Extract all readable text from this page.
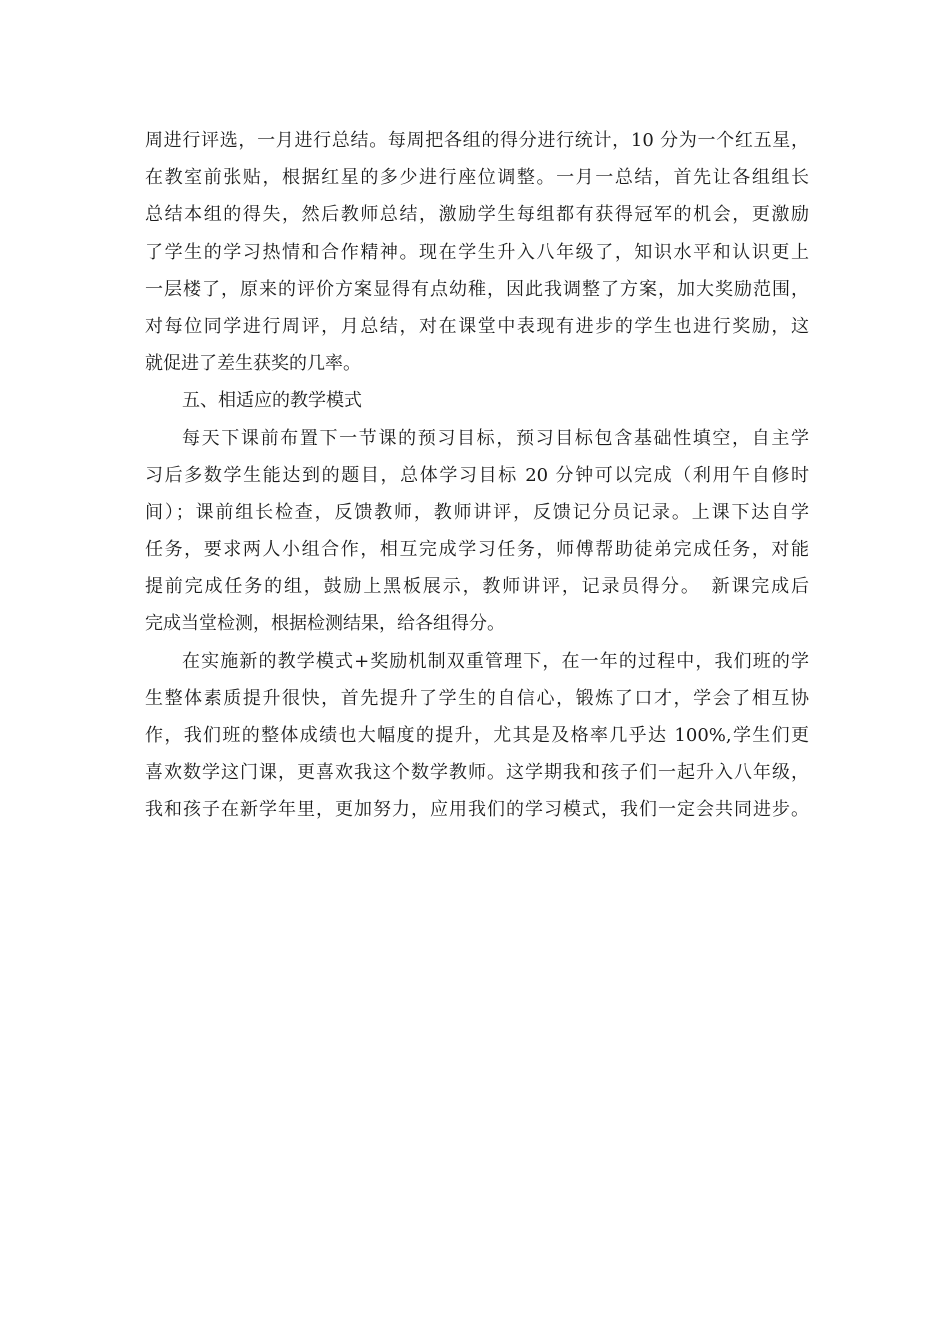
周进行评选，一月进行总结。每周把各组的得分进行统计，10 分为一个红五星，
在教室前张贴，根据红星的多少进行座位调整。一月一总结，首先让各组组长
总结本组的得失，然后教师总结，激励学生每组都有获得冠军的机会，更激励
了学生的学习热情和合作精神。现在学生升入八年级了，知识水平和认识更上
一层楼了，原来的评价方案显得有点幼稚，因此我调整了方案，加大奖励范围，
对每位同学进行周评，月总结，对在课堂中表现有进步的学生也进行奖励，这
就促进了差生获奖的几率。
五、相适应的教学模式
每天下课前布置下一节课的预习目标，预习目标包含基础性填空，自主学
习后多数学生能达到的题目，总体学习目标 20 分钟可以完成（利用午自修时
间）；课前组长检查，反馈教师，教师讲评，反馈记分员记录。上课下达自学
任务，要求两人小组合作，相互完成学习任务，师傅帮助徒弟完成任务，对能
提前完成任务的组，鼓励上黑板展示，教师讲评，记录员得分。　新课完成后
完成当堂检测，根据检测结果，给各组得分。
在实施新的教学模式+奖励机制双重管理下，在一年的过程中，我们班的学
生整体素质提升很快，首先提升了学生的自信心，锻炼了口才，学会了相互协
作，我们班的整体成绩也大幅度的提升，尤其是及格率几乎达 100%,学生们更
喜欢数学这门课，更喜欢我这个数学教师。这学期我和孩子们一起升入八年级，
我和孩子在新学年里，更加努力，应用我们的学习模式，我们一定会共同进步。
